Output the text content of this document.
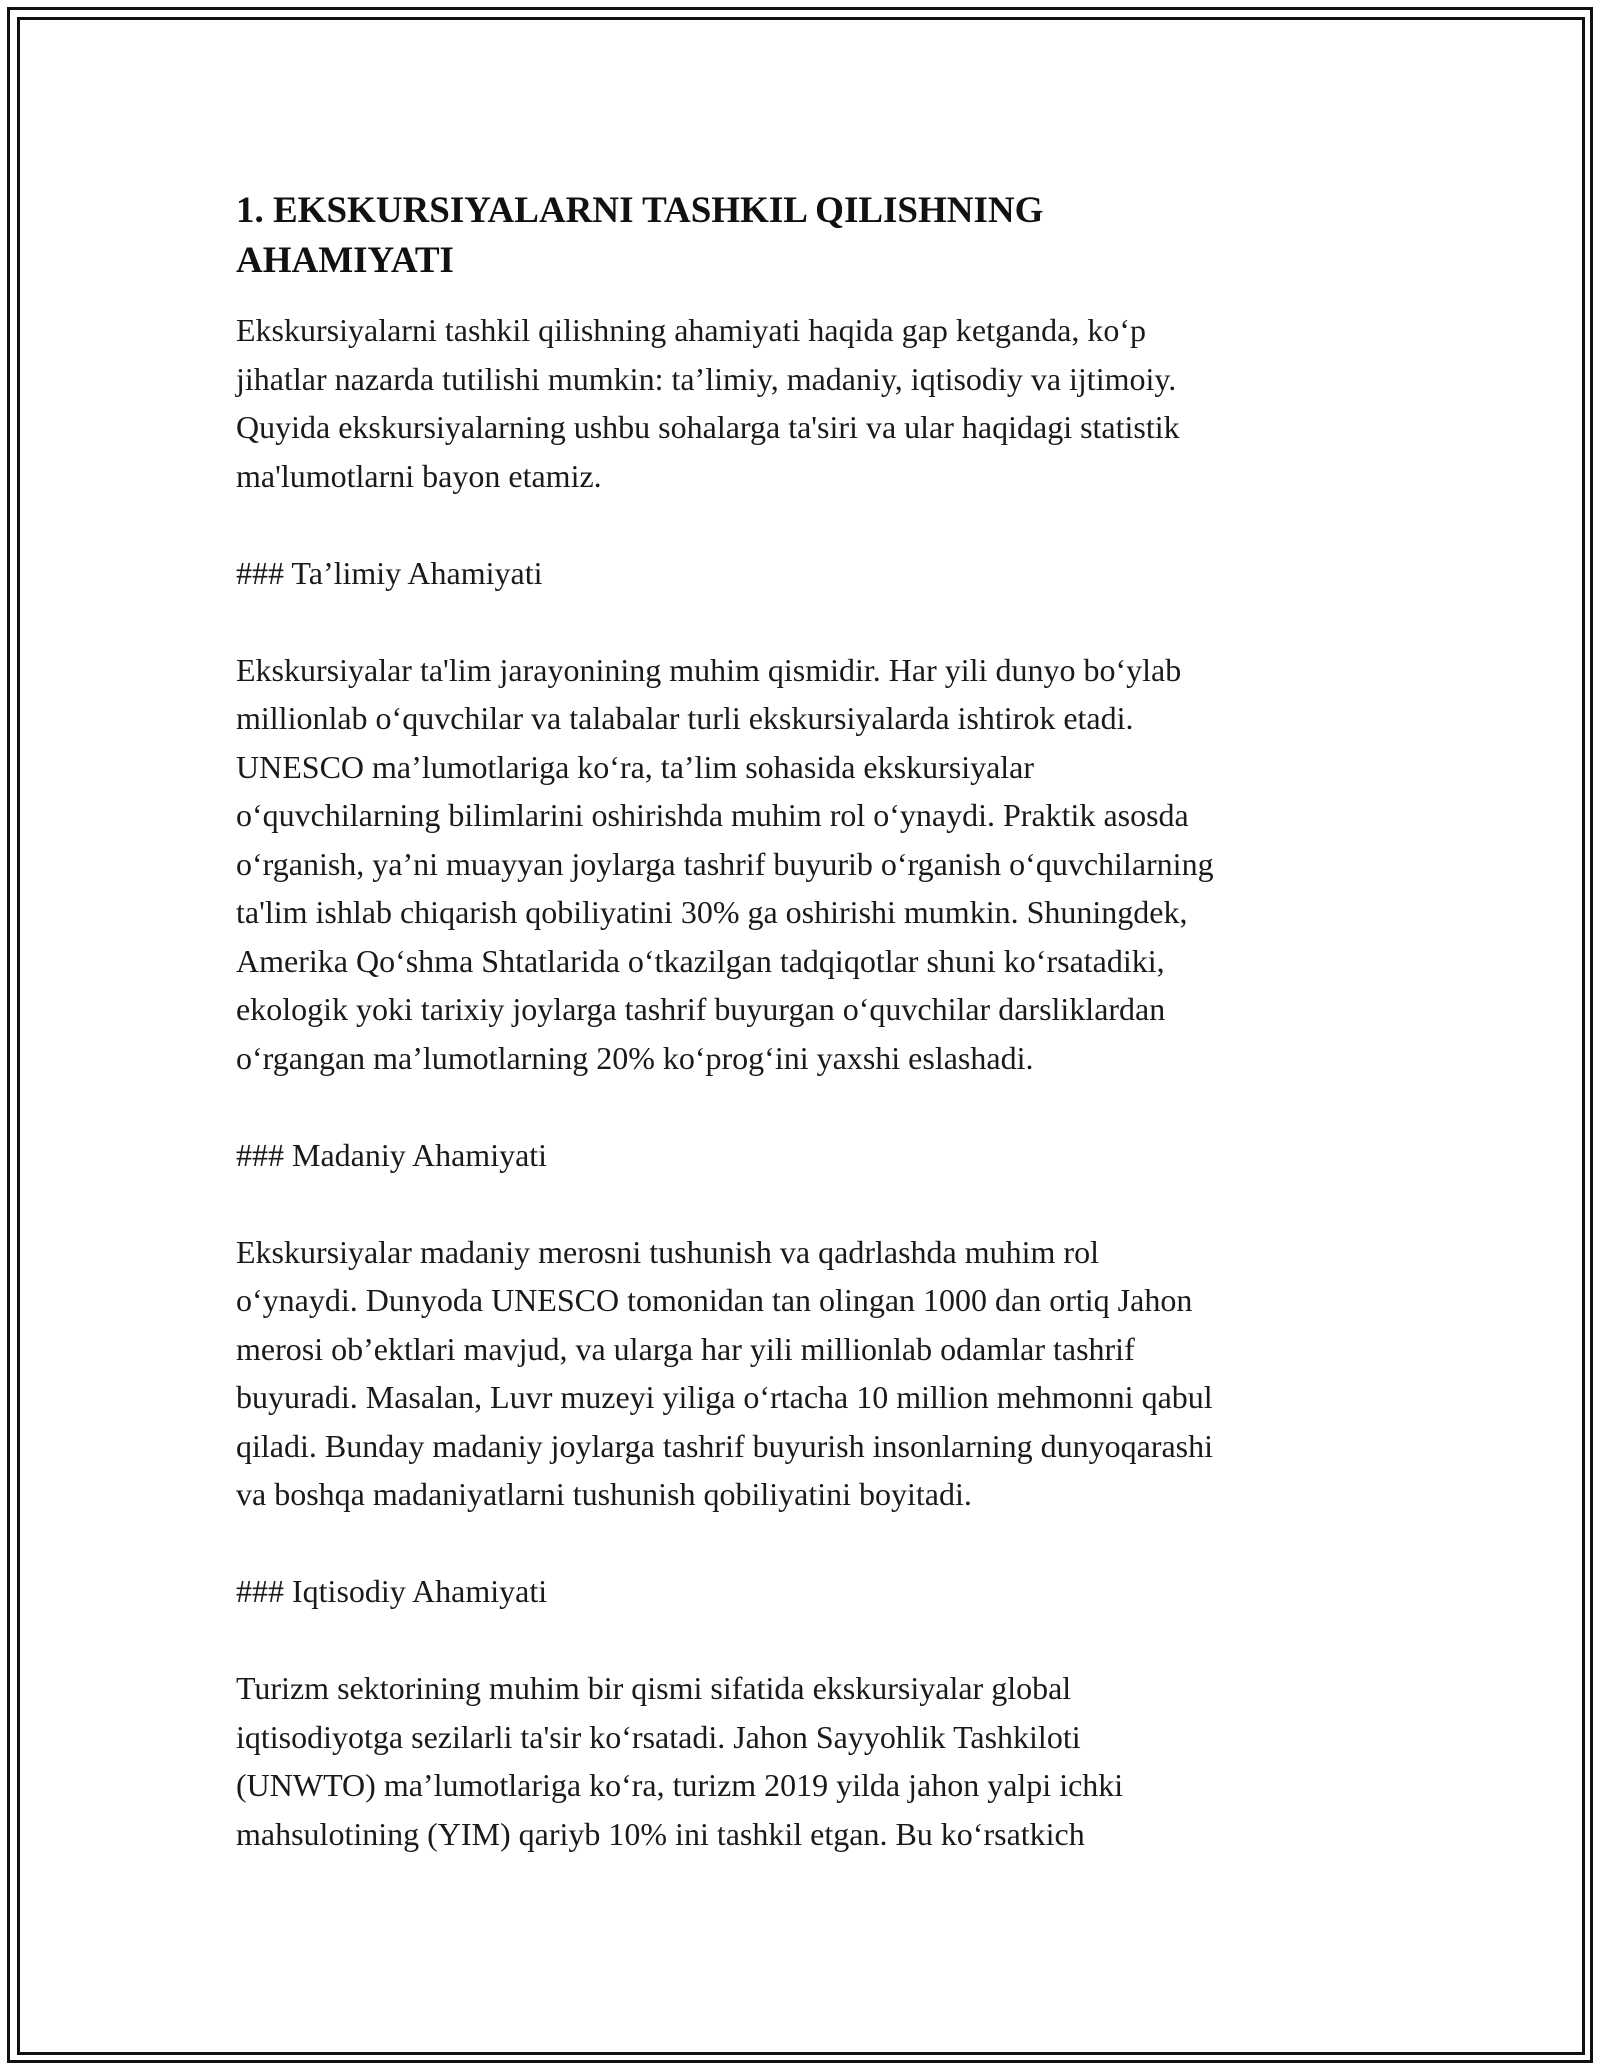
1. EKSKURSIYALARNI TASHKIL QILISHNING
AHAMIYATI
Ekskursiyalarni tashkil qilishning ahamiyati haqida gap ketganda, ko‘p
jihatlar nazarda tutilishi mumkin: ta’limiy, madaniy, iqtisodiy va ijtimoiy.
Quyida ekskursiyalarning ushbu sohalarga ta'siri va ular haqidagi statistik
ma'lumotlarni bayon etamiz.
### Ta’limiy Ahamiyati
Ekskursiyalar ta'lim jarayonining muhim qismidir. Har yili dunyo bo‘ylab
millionlab o‘quvchilar va talabalar turli ekskursiyalarda ishtirok etadi.
UNESCO ma’lumotlariga ko‘ra, ta’lim sohasida ekskursiyalar
o‘quvchilarning bilimlarini oshirishda muhim rol o‘ynaydi. Praktik asosda
o‘rganish, ya’ni muayyan joylarga tashrif buyurib o‘rganish o‘quvchilarning
ta'lim ishlab chiqarish qobiliyatini 30% ga oshirishi mumkin. Shuningdek,
Amerika Qo‘shma Shtatlarida o‘tkazilgan tadqiqotlar shuni ko‘rsatadiki,
ekologik yoki tarixiy joylarga tashrif buyurgan o‘quvchilar darsliklardan
o‘rgangan ma’lumotlarning 20% ko‘prog‘ini yaxshi eslashadi.
### Madaniy Ahamiyati
Ekskursiyalar madaniy merosni tushunish va qadrlashda muhim rol
o‘ynaydi. Dunyoda UNESCO tomonidan tan olingan 1000 dan ortiq Jahon
merosi ob’ektlari mavjud, va ularga har yili millionlab odamlar tashrif
buyuradi. Masalan, Luvr muzeyi yiliga o‘rtacha 10 million mehmonni qabul
qiladi. Bunday madaniy joylarga tashrif buyurish insonlarning dunyoqarashi
va boshqa madaniyatlarni tushunish qobiliyatini boyitadi.
### Iqtisodiy Ahamiyati
Turizm sektorining muhim bir qismi sifatida ekskursiyalar global
iqtisodiyotga sezilarli ta'sir ko‘rsatadi. Jahon Sayyohlik Tashkiloti
(UNWTO) ma’lumotlariga ko‘ra, turizm 2019 yilda jahon yalpi ichki
mahsulotining (YIM) qariyb 10% ini tashkil etgan. Bu ko‘rsatkich
